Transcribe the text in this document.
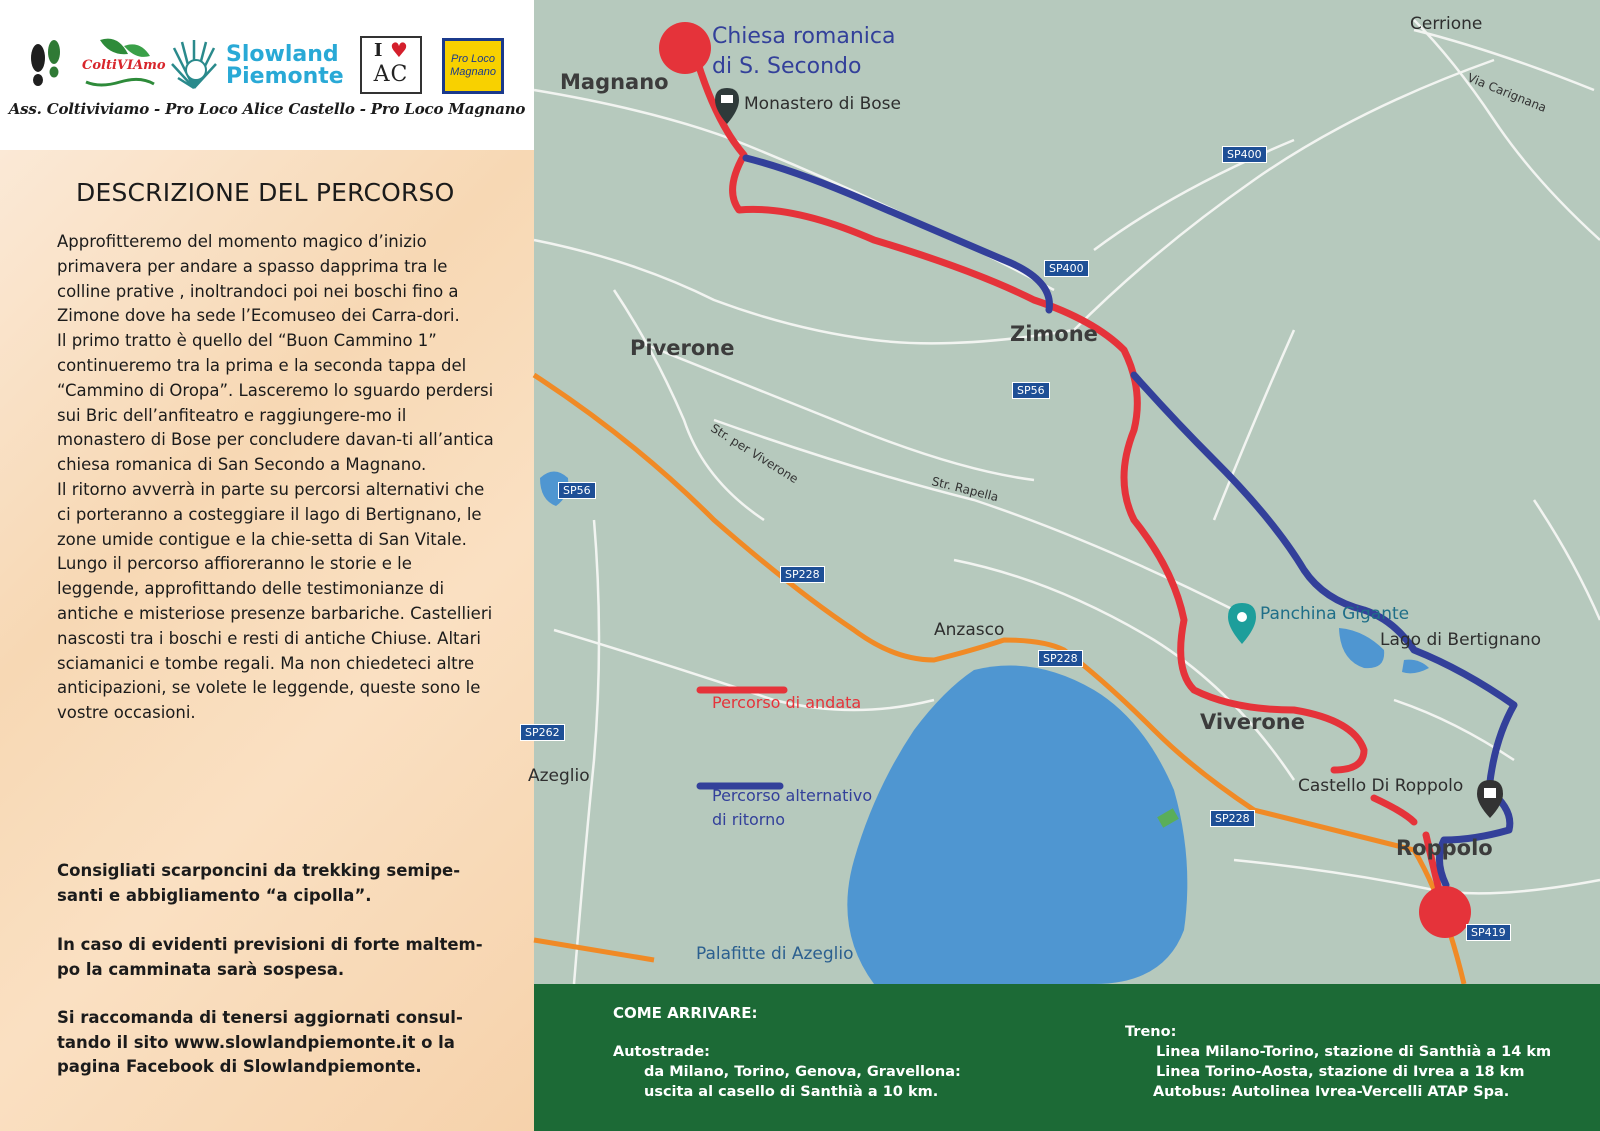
ColtiVIAmo	Slowland
Piemonte
I ♥
AC
Pro Loco
Magnano
Ass. Coltiviviamo - Pro Loco Alice Castello - Pro Loco Magnano
DESCRIZIONE DEL PERCORSO

Approfitteremo del momento magico d’inizio primavera per andare a spasso dapprima tra le colline prative , inoltrandoci poi nei boschi fino a Zimone dove ha sede l’Ecomuseo dei Carra-dori.

Il primo tratto è quello del “Buon Cammino 1” continueremo tra la prima e la seconda tappa del “Cammino di Oropa”. Lasceremo lo sguardo perdersi sui Bric dell’anfiteatro e raggiungere-mo il monastero di Bose per concludere davan-ti all’antica chiesa romanica di San Secondo a Magnano.

Il ritorno avverrà in parte su percorsi alternativi che ci porteranno a costeggiare il lago di Bertignano, le zone umide contigue e la chie-setta di San Vitale.

Lungo il percorso affioreranno le storie e le leggende, approfittando delle testimonianze di antiche e misteriose presenze barbariche. Castellieri nascosti tra i boschi e resti di antiche Chiuse. Altari sciamanici e tombe regali. Ma non chiedeteci altre anticipazioni, se volete le leggende, queste sono le vostre occasioni.

Consigliati scarponcini da trekking semipe-santi e abbigliamento “a cipolla”.

In caso di evidenti previsioni di forte maltem-po la camminata sarà sospesa.

Si raccomanda di tenersi aggiornati consul-tando il sito www.slowlandpiemonte.it o la pagina Facebook di Slowlandpiemonte.

Magnano
Piverone
Zimone
Viverone
Roppolo
Cerrione
Anzasco
Azeglio
Palafitte di Azeglio
Lago di Bertignano
Chiesa romanica
di S. Secondo
Monastero di Bose
Panchina Gigante
Castello Di Roppolo
Via Carignana
Str. per Viverone
Str. Rapella
SP400
SP400
SP56
SP56
SP228
SP228
SP228
SP262
SP419
Percorso di andata
Percorso alternativo
di ritorno
COME ARRIVARE:
Autostrade:
da Milano, Torino, Genova, Gravellona:
uscita al casello di Santhià a 10 km.
Treno:
Linea Milano-Torino, stazione di Santhià a 14 km
Linea Torino-Aosta, stazione di Ivrea a 18 km
Autobus: Autolinea Ivrea-Vercelli ATAP Spa.
